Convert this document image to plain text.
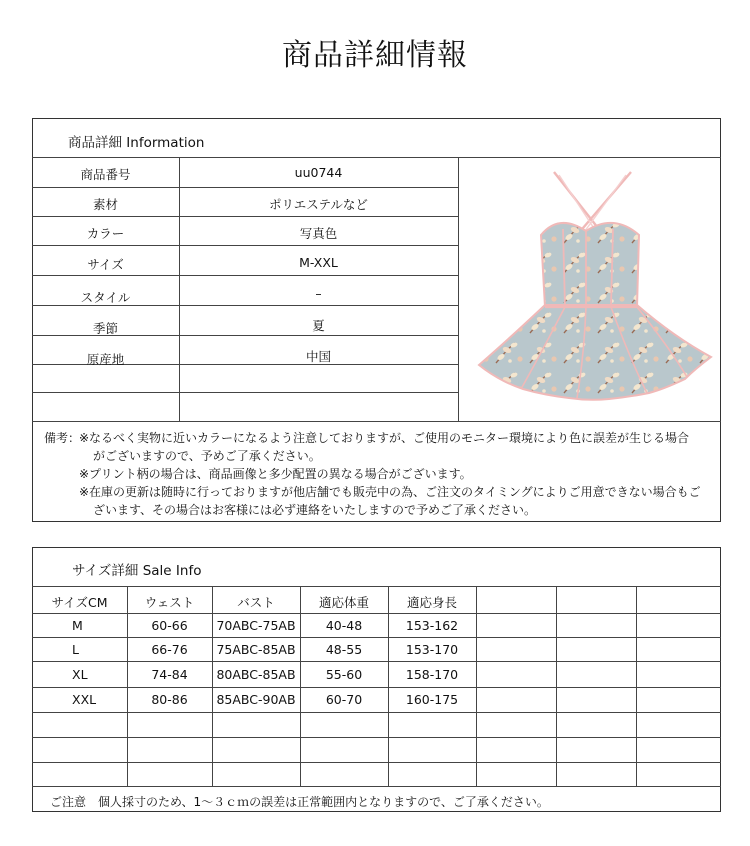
商品詳細情報
商品詳細 Information
商品番号	uu0744
素材	ポリエステルなど
カラー	写真色
サイズ	M-XXL
スタイル	–
季節	夏
原産地	中国
備考：
※なるべく実物に近いカラーになるよう注意しておりますが、ご使用のモニター環境により色に誤差が生じる場合
がございますので、予めご了承ください。
※プリント柄の場合は、商品画像と多少配置の異なる場合がございます。
※在庫の更新は随時に行っておりますが他店舗でも販売中の為、ご注文のタイミングによりご用意できない場合もご
ざいます、その場合はお客様には必ず連絡をいたしますので予めご了承ください。
サイズ詳細 Sale Info
サイズCM	ウェスト	バスト	適応体重	適応身長
M	60-66	70ABC-75AB	40-48	153-162
L	66-76	75ABC-85AB	48-55	153-170
XL	74-84	80ABC-85AB	55-60	158-170
XXL	80-86	85ABC-90AB	60-70	160-175
ご注意　個人採寸のため、1～３ｃｍの誤差は正常範囲内となりますので、ご了承ください。
